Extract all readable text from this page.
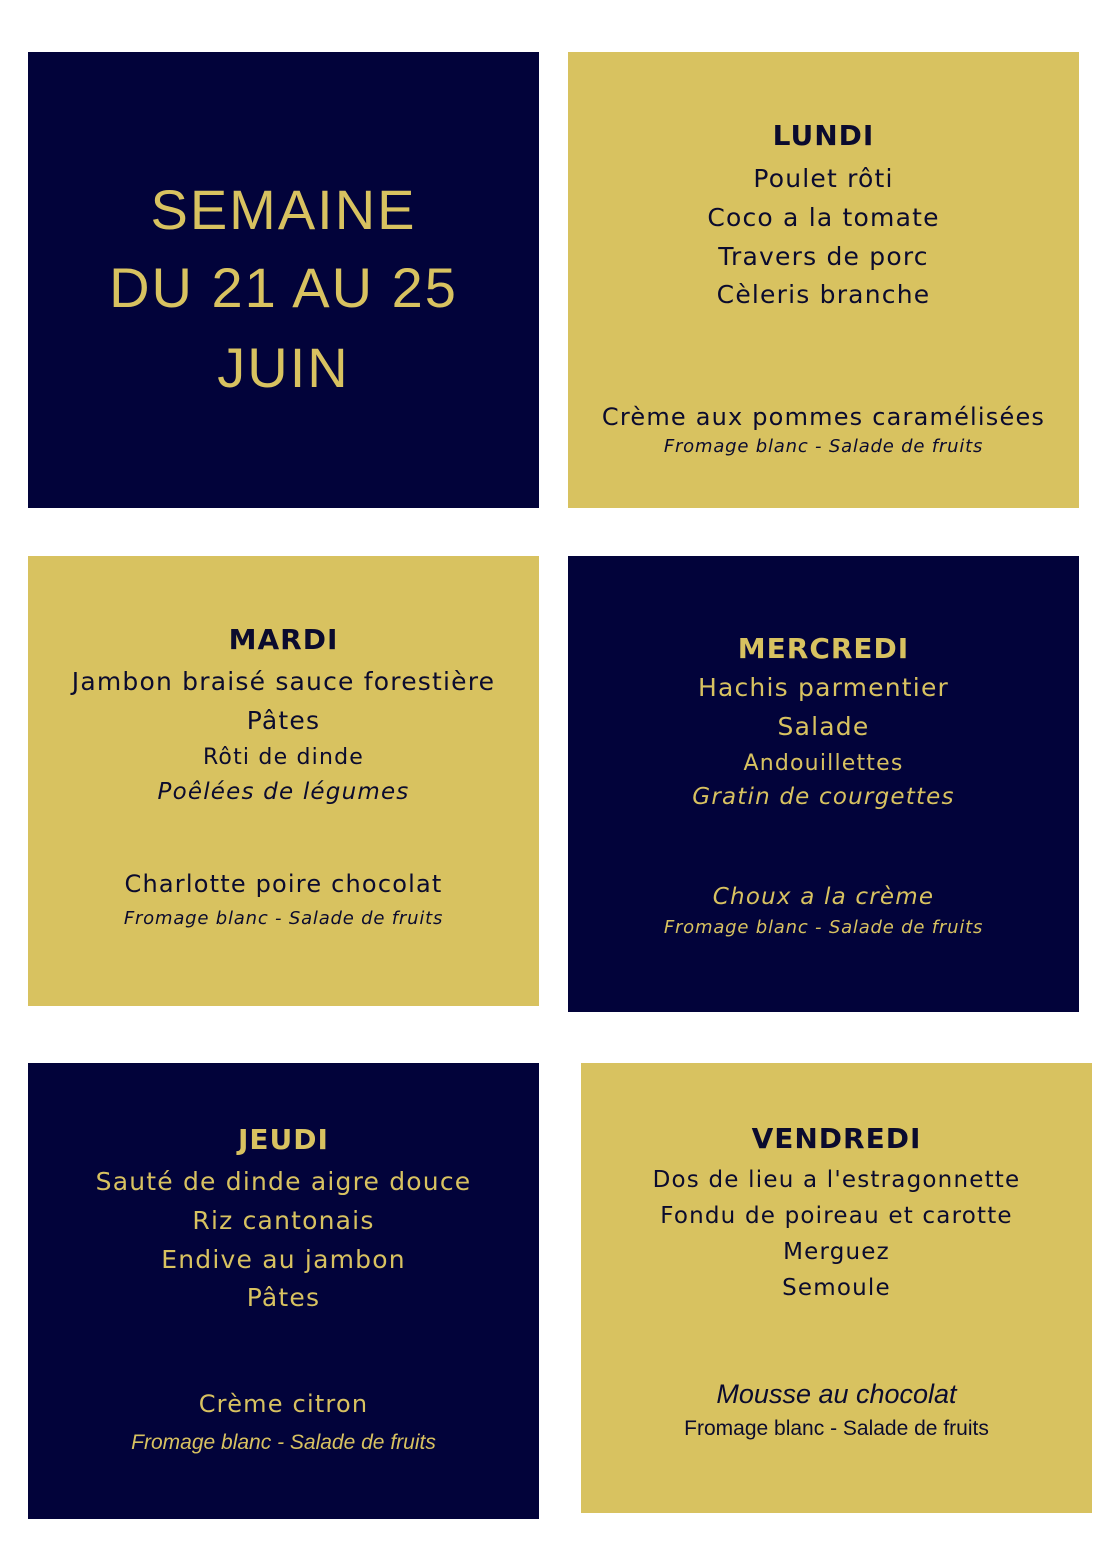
SEMAINE
DU 21 AU 25
JUIN
LUNDI
Poulet rôti
Coco a la tomate
Travers de porc
Cèleris branche
Crème aux pommes caramélisées
Fromage blanc - Salade de fruits
MARDI
Jambon braisé sauce forestière
Pâtes
Rôti de dinde
Poêlées de légumes
Charlotte poire chocolat
Fromage blanc - Salade de fruits
MERCREDI
Hachis parmentier
Salade
Andouillettes
Gratin de courgettes
Choux a la crème
Fromage blanc - Salade de fruits
JEUDI
Sauté de dinde aigre douce
Riz cantonais
Endive au jambon
Pâtes
Crème citron
Fromage blanc - Salade de fruits
VENDREDI
Dos de lieu a l'estragonnette
Fondu de poireau et carotte
Merguez
Semoule
Mousse au chocolat
Fromage blanc - Salade de fruits
